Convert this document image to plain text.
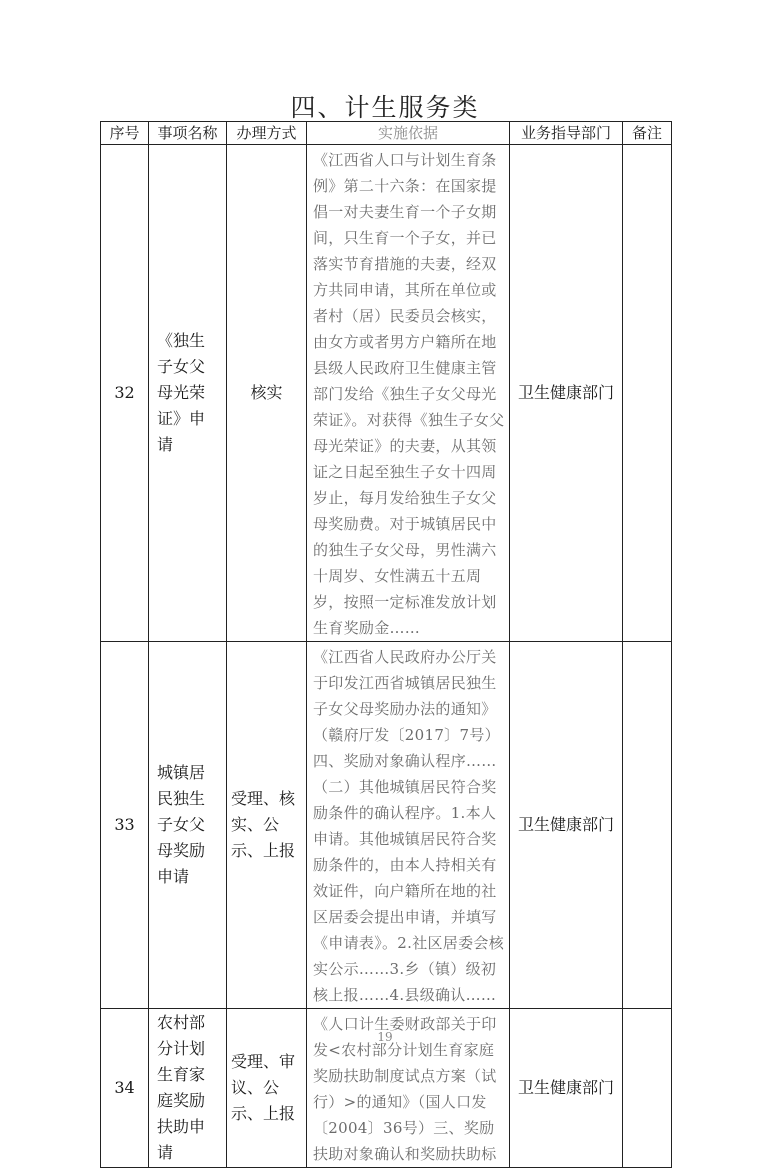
四、计生服务类
序号	事项名称	办理方式	实施依据	业务指导部门	备注
32	《独生子女父母光荣证》申请	核实	《江西省人口与计划生育条例》第二十六条：在国家提倡一对夫妻生育一个子女期间，只生育一个子女，并已落实节育措施的夫妻，经双方共同申请，其所在单位或者村（居）民委员会核实，由女方或者男方户籍所在地县级人民政府卫生健康主管部门发给《独生子女父母光荣证》。对获得《独生子女父母光荣证》的夫妻，从其领证之日起至独生子女十四周岁止，每月发给独生子女父母奖励费。对于城镇居民中的独生子女父母，男性满六十周岁、女性满五十五周岁，按照一定标准发放计划生育奖励金……	卫生健康部门	
33	城镇居民独生子女父母奖励申请	受理、核实、公示、上报	《江西省人民政府办公厅关于印发江西省城镇居民独生子女父母奖励办法的通知》（赣府厅发〔2017〕7号）四、奖励对象确认程序……（二）其他城镇居民符合奖励条件的确认程序。1.本人申请。其他城镇居民符合奖励条件的，由本人持相关有效证件，向户籍所在地的社区居委会提出申请，并填写《申请表》。2.社区居委会核实公示……3.乡（镇）级初核上报……4.县级确认……	卫生健康部门	
34	农村部分计划生育家庭奖励扶助申请	受理、审议、公示、上报	《人口计生委财政部关于印发<农村部分计划生育家庭奖励扶助制度试点方案（试行）>的通知》（国人口发〔2004〕36号）三、奖励扶助对象确认和奖励扶助标	卫生健康部门	
19
